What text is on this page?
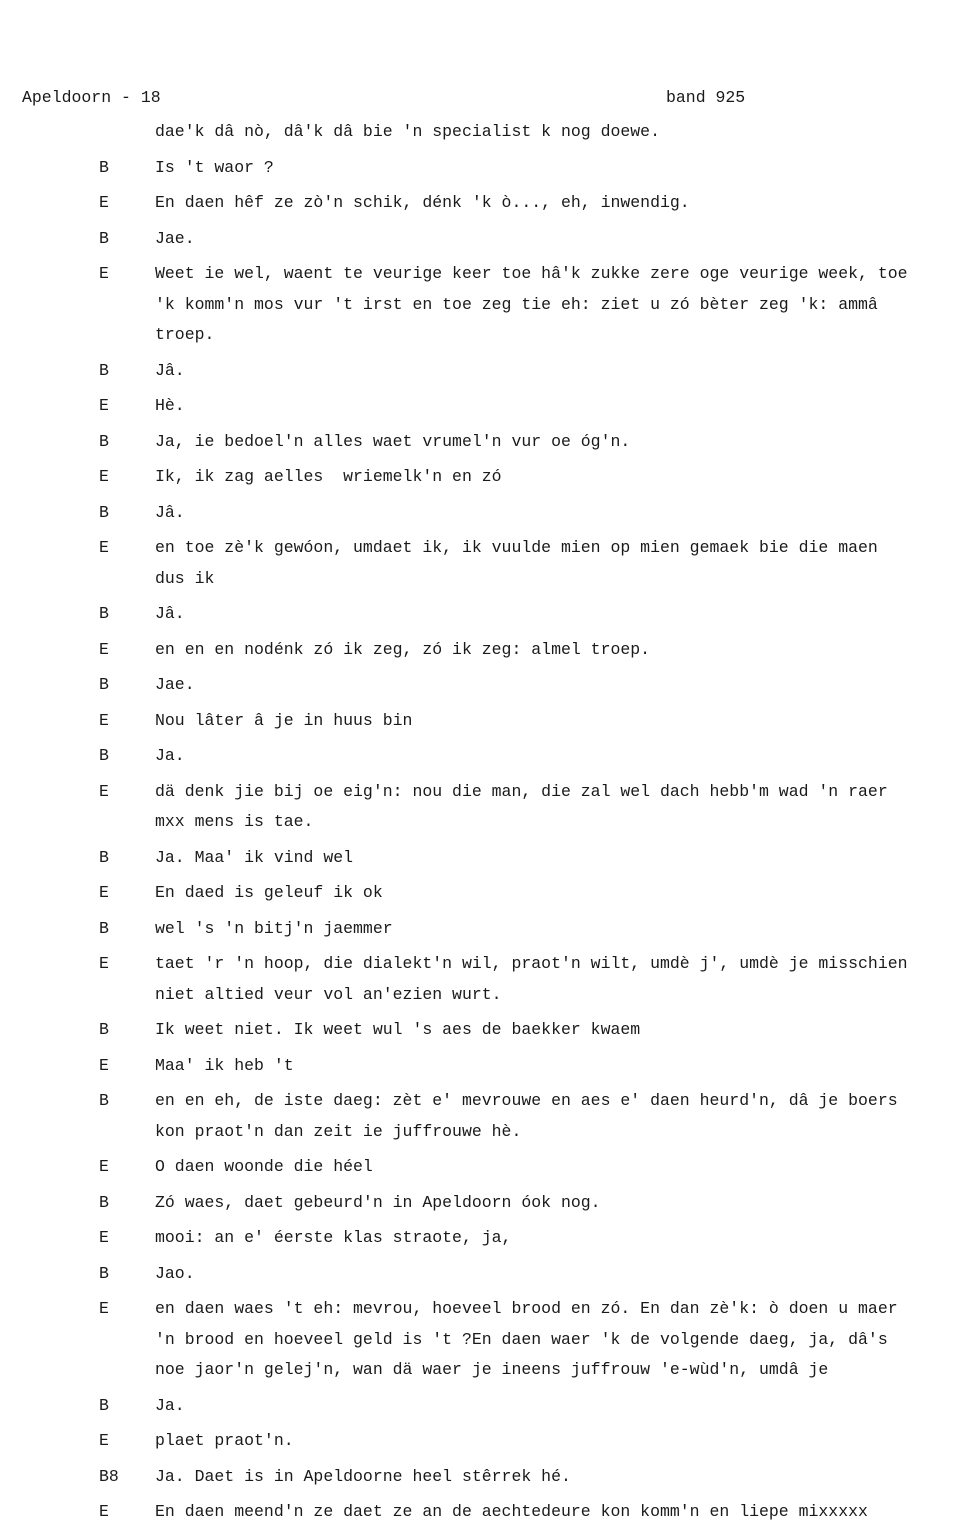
Apeldoorn - 18	band 925
dae'k dâ nò, dâ'k dâ bie 'n specialist k nog doewe.
B	Is 't waor ?
E	En daen hêf ze zò'n schik, dénk 'k ò..., eh, inwendig.
B	Jae.
E	Weet ie wel, waent te veurige keer toe hâ'k zukke zere oge veurige week, toe 'k komm'n mos vur 't irst en toe zeg tie eh: ziet u zó bèter zeg 'k: ammâ troep.
B	Jâ.
E	Hè.
B	Ja, ie bedoel'n alles waet vrumel'n vur oe óg'n.
E	Ik, ik zag aelles  wriemelk'n en zó
B	Jâ.
E	en toe zè'k gewóon, umdaet ik, ik vuulde mien op mien gemaek bie die maen dus ik
B	Jâ.
E	en en en nodénk zó ik zeg, zó ik zeg: almel troep.
B	Jae.
E	Nou lâter â je in huus bin
B	Ja.
E	dä denk jie bij oe eig'n: nou die man, die zal wel dach hebb'm wad 'n raer mxx mens is tae.
B	Ja. Maa' ik vind wel
E	En daed is geleuf ik ok
B	wel 's 'n bitj'n jaemmer
E	taet 'r 'n hoop, die dialekt'n wil, praot'n wilt, umdè j', umdè je misschien niet altied veur vol an'ezien wurt.
B	Ik weet niet. Ik weet wul 's aes de baekker kwaem
E	Maa' ik heb 't
B	en en eh, de iste daeg: zèt e' mevrouwe en aes e' daen heurd'n, dâ je boers kon praot'n dan zeit ie juffrouwe hè.
E	O daen woonde die héel
B	Zó waes, daet gebeurd'n in Apeldoorn óok nog.
E	mooi: an e' éerste klas straote, ja,
B	Jao.
E	en daen waes 't eh: mevrou, hoeveel brood en zó. En dan zè'k: ò doen u maer 'n brood en hoeveel geld is 't ?En daen waer 'k de volgende daeg, ja, dâ's noe jaor'n gelej'n, wan dä waer je ineens juffrouw 'e-wùd'n, umdâ je
B	Ja.
E	plaet praot'n.
B8 Ja. Daet is in Apeldoorne heel stêrrek hé.
E	En daen meend'n ze daet ze an de aechtedeure kon komm'n en liepe mixxxxx
